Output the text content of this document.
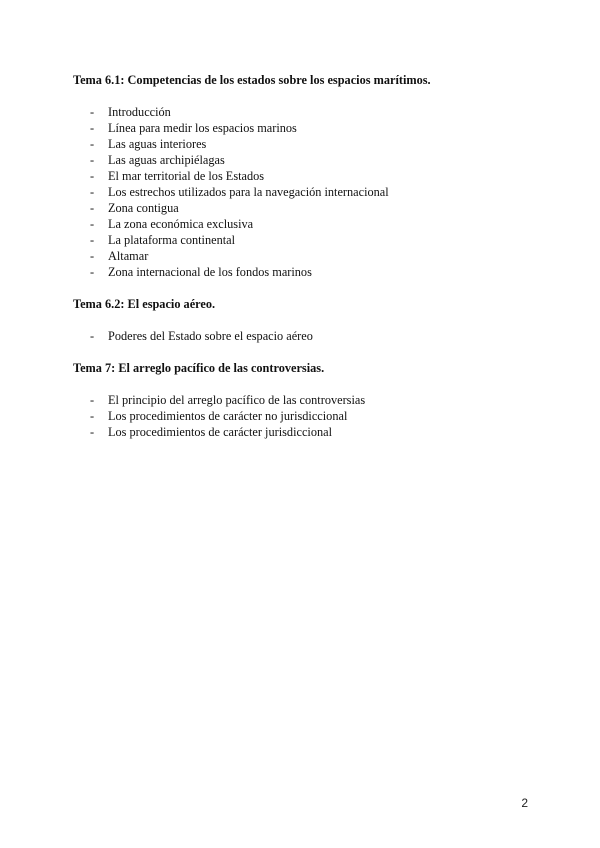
Tema 6.1: Competencias de los estados sobre los espacios marítimos.
- Introducción
- Línea para medir los espacios marinos
- Las aguas interiores
- Las aguas archipiélagas
- El mar territorial de los Estados
- Los estrechos utilizados para la navegación internacional
- Zona contigua
- La zona económica exclusiva
- La plataforma continental
- Altamar
- Zona internacional de los fondos marinos
Tema 6.2: El espacio aéreo.
- Poderes del Estado sobre el espacio aéreo
Tema 7: El arreglo pacífico de las controversias.
- El principio del arreglo pacífico de las controversias
- Los procedimientos de carácter no jurisdiccional
- Los procedimientos de carácter jurisdiccional
2
